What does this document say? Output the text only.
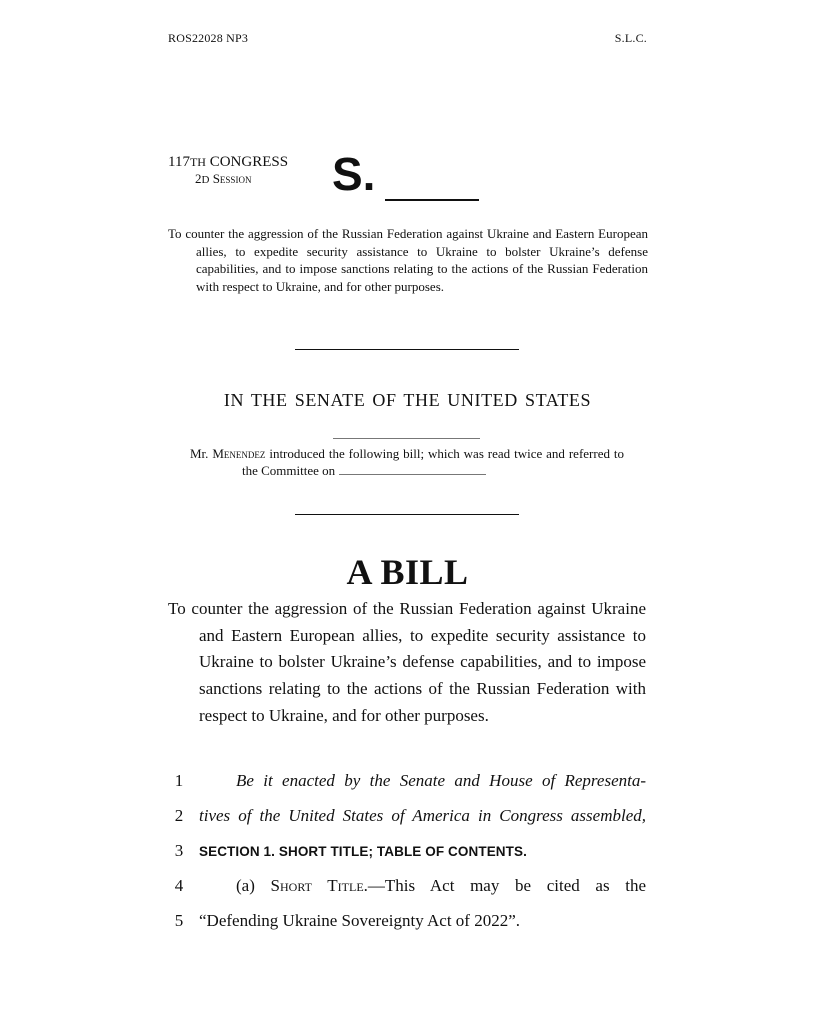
ROS22028 NP3	S.L.C.
117TH CONGRESS
2D Session S.
To counter the aggression of the Russian Federation against Ukraine and Eastern European allies, to expedite security assistance to Ukraine to bolster Ukraine’s defense capabilities, and to impose sanctions relating to the actions of the Russian Federation with respect to Ukraine, and for other purposes.
IN THE SENATE OF THE UNITED STATES
Mr. Menendez introduced the following bill; which was read twice and referred to the Committee on
A BILL
To counter the aggression of the Russian Federation against Ukraine and Eastern European allies, to expedite security assistance to Ukraine to bolster Ukraine’s defense capabilities, and to impose sanctions relating to the actions of the Russian Federation with respect to Ukraine, and for other purposes.
1	Be it enacted by the Senate and House of Representa-
2 tives of the United States of America in Congress assembled,
3	SECTION 1. SHORT TITLE; TABLE OF CONTENTS.
4	(a) Short Title.—This Act may be cited as the
5 “Defending Ukraine Sovereignty Act of 2022”.
